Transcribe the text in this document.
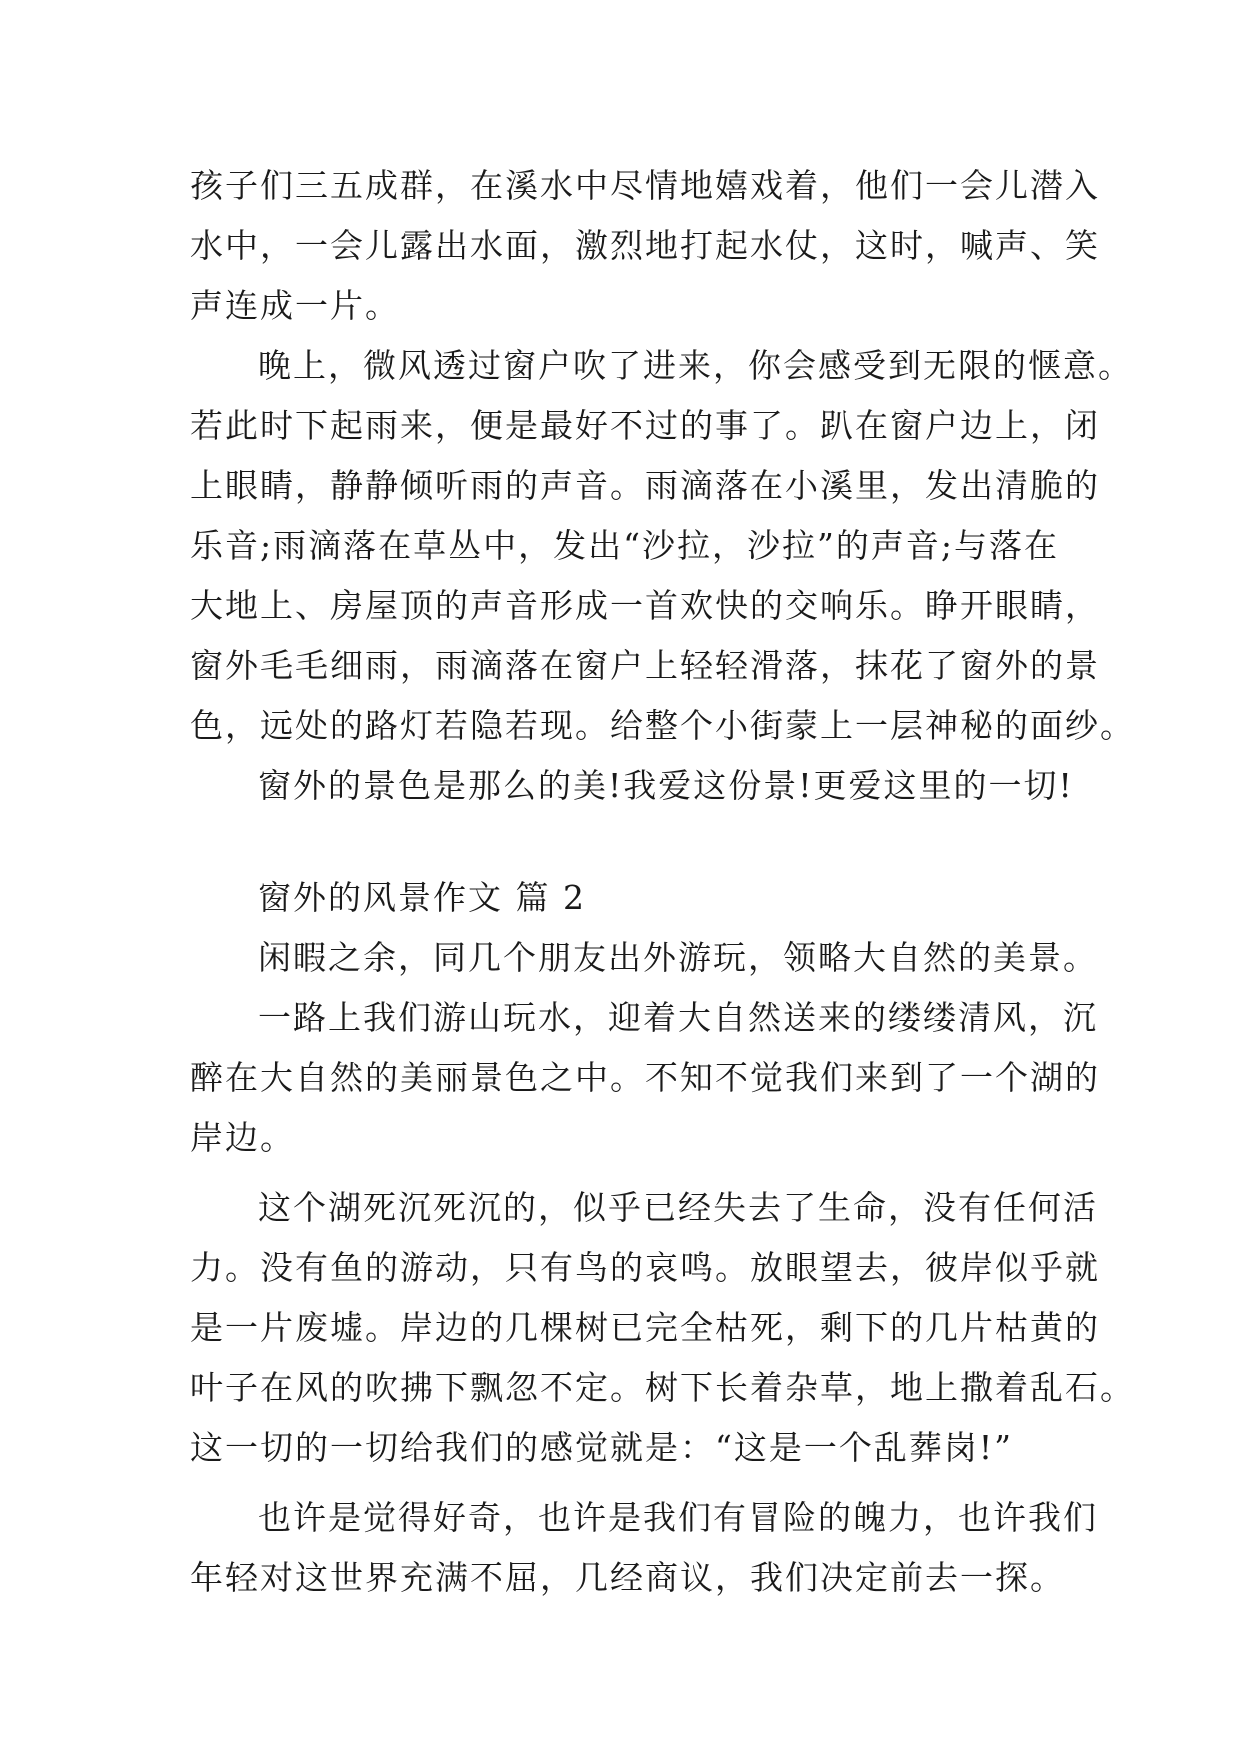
孩子们三五成群，在溪水中尽情地嬉戏着，他们一会儿潜入
水中，一会儿露出水面，激烈地打起水仗，这时，喊声、笑
声连成一片。
晚上，微风透过窗户吹了进来，你会感受到无限的惬意。
若此时下起雨来，便是最好不过的事了。趴在窗户边上，闭
上眼睛，静静倾听雨的声音。雨滴落在小溪里，发出清脆的
乐音;雨滴落在草丛中，发出“沙拉，沙拉”的声音;与落在
大地上、房屋顶的声音形成一首欢快的交响乐。睁开眼睛，
窗外毛毛细雨，雨滴落在窗户上轻轻滑落，抹花了窗外的景
色，远处的路灯若隐若现。给整个小街蒙上一层神秘的面纱。
窗外的景色是那么的美!我爱这份景!更爱这里的一切!
窗外的风景作文 篇 2
闲暇之余，同几个朋友出外游玩，领略大自然的美景。
一路上我们游山玩水，迎着大自然送来的缕缕清风，沉
醉在大自然的美丽景色之中。不知不觉我们来到了一个湖的
岸边。
这个湖死沉死沉的，似乎已经失去了生命，没有任何活
力。没有鱼的游动，只有鸟的哀鸣。放眼望去，彼岸似乎就
是一片废墟。岸边的几棵树已完全枯死，剩下的几片枯黄的
叶子在风的吹拂下飘忽不定。树下长着杂草，地上撒着乱石。
这一切的一切给我们的感觉就是：“这是一个乱葬岗!”
也许是觉得好奇，也许是我们有冒险的魄力，也许我们
年轻对这世界充满不屈，几经商议，我们决定前去一探。
